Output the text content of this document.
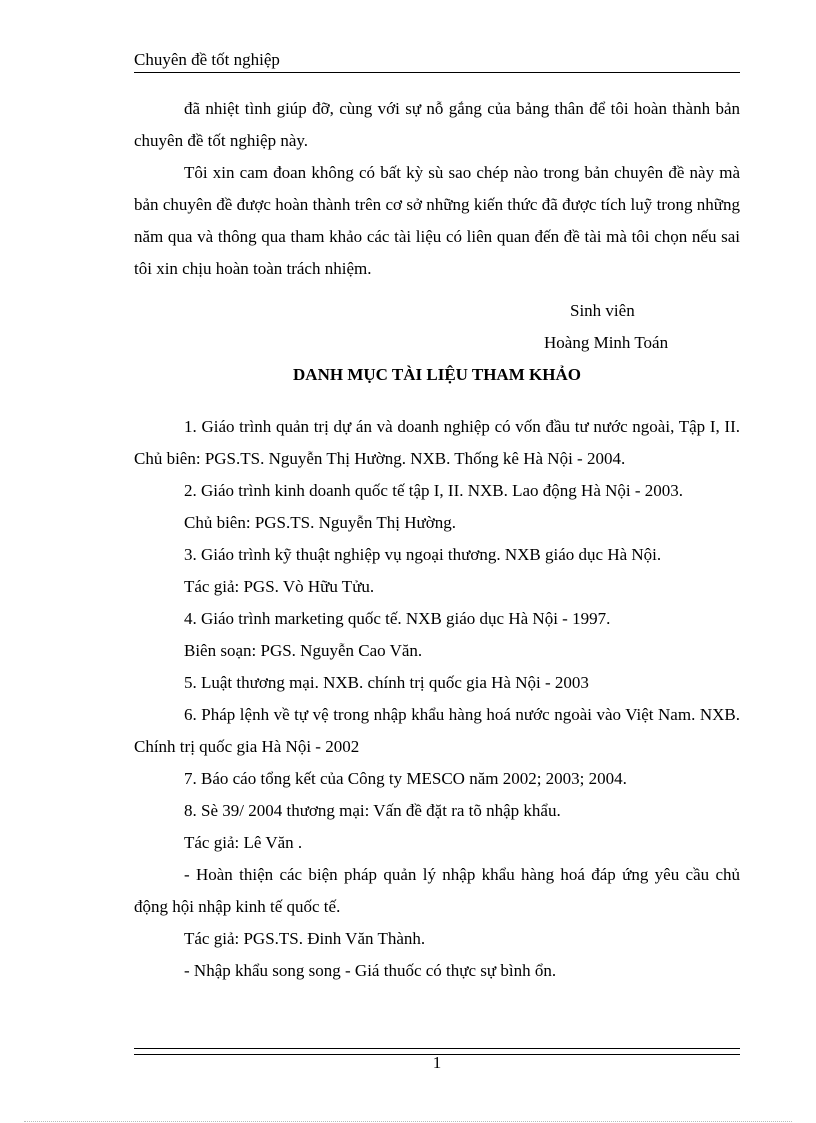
Chuyên đề tốt nghiệp

đã nhiệt tình giúp đỡ, cùng với sự nỗ gắng của bảng thân để tôi hoàn thành bản chuyên đề tốt nghiệp này.

Tôi xin cam đoan không có bất kỳ sù sao chép nào trong bản chuyên đề này mà bản chuyên đề được hoàn thành trên cơ sở những kiến thức đã được tích luỹ trong những năm qua và thông qua tham khảo các tài liệu có liên quan đến đề tài mà tôi chọn nếu sai tôi xin chịu hoàn toàn trách nhiệm.

Sinh viên

Hoàng Minh Toán

DANH MỤC TÀI LIỆU THAM KHẢO

1. Giáo trình quản trị dự án và doanh nghiệp có vốn đầu tư nước ngoài, Tập I, II. Chủ biên: PGS.TS. Nguyễn Thị Hường. NXB. Thống kê Hà Nội - 2004.

2. Giáo trình kinh doanh quốc tế tập I, II. NXB. Lao động Hà Nội - 2003.

Chủ biên: PGS.TS. Nguyễn Thị Hường.

3. Giáo trình kỹ thuật nghiệp vụ ngoại thương. NXB giáo dục Hà Nội.

Tác giả: PGS. Vò Hữu Tửu.

4. Giáo trình marketing quốc tế. NXB giáo dục Hà Nội - 1997.

Biên soạn: PGS. Nguyễn Cao Văn.

5. Luật thương mại. NXB. chính trị quốc gia Hà Nội - 2003

6. Pháp lệnh về tự vệ trong nhập khẩu hàng hoá nước ngoài vào Việt Nam. NXB. Chính trị quốc gia Hà Nội - 2002

7. Báo cáo tổng kết của Công ty MESCO năm 2002; 2003; 2004.

8. Sè 39/ 2004 thương mại: Vấn đề đặt ra tõ nhập khẩu.

Tác giả: Lê Văn .

- Hoàn thiện các biện pháp quản lý nhập khẩu hàng hoá đáp ứng yêu cầu chủ động hội nhập kinh tế quốc tế.

Tác giả: PGS.TS. Đinh Văn Thành.

- Nhập khẩu song song - Giá thuốc có thực sự bình ổn.

1
